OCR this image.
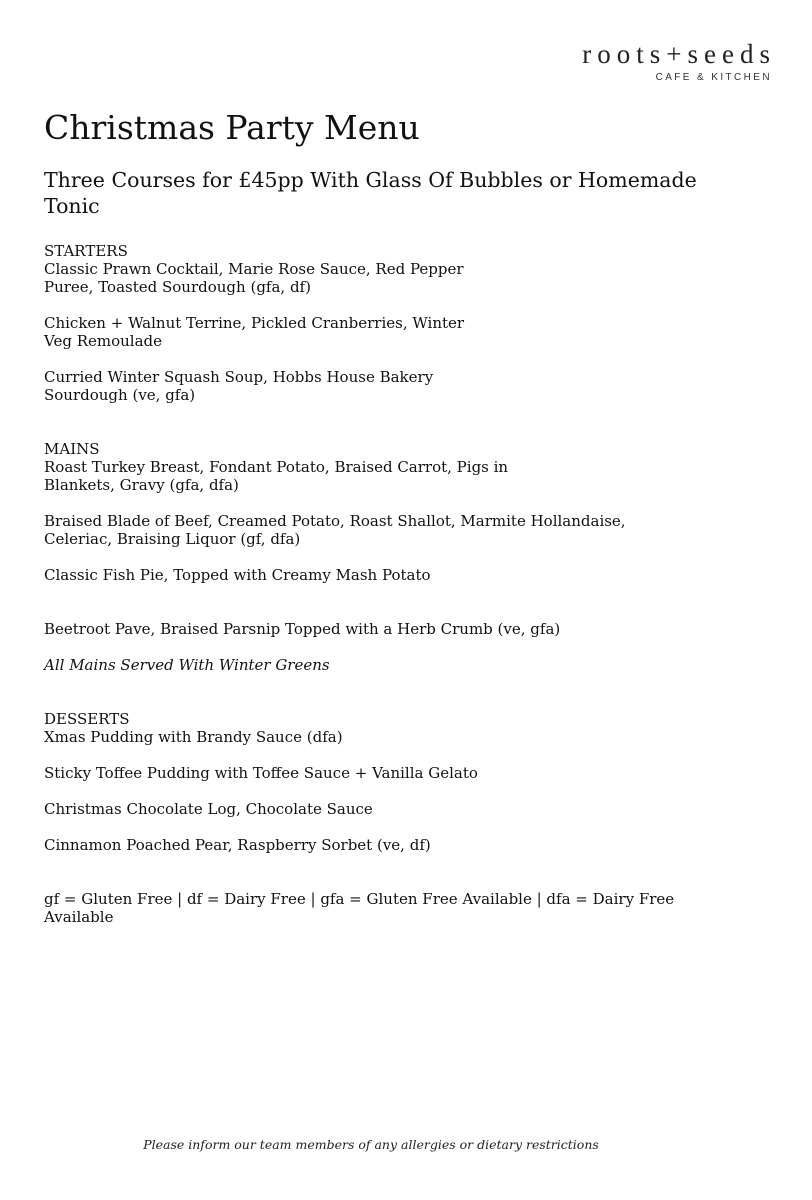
roots+seeds
CAFE & KITCHEN
Christmas Party Menu
Three Courses for £45pp With Glass Of Bubbles or Homemade Tonic
STARTERS
Classic Prawn Cocktail, Marie Rose Sauce, Red Pepper Puree, Toasted Sourdough (gfa, df)
Chicken + Walnut Terrine, Pickled Cranberries, Winter Veg Remoulade
Curried Winter Squash Soup, Hobbs House Bakery Sourdough (ve, gfa)
MAINS
Roast Turkey Breast, Fondant Potato, Braised Carrot, Pigs in Blankets, Gravy (gfa, dfa)
Braised Blade of Beef, Creamed Potato, Roast Shallot, Marmite Hollandaise, Celeriac, Braising Liquor (gf, dfa)
Classic Fish Pie, Topped with Creamy Mash Potato
Beetroot Pave, Braised Parsnip Topped with a Herb Crumb (ve, gfa)
All Mains Served With Winter Greens
DESSERTS
Xmas Pudding with Brandy Sauce (dfa)
Sticky Toffee Pudding with Toffee Sauce + Vanilla Gelato
Christmas Chocolate Log, Chocolate Sauce
Cinnamon Poached Pear, Raspberry Sorbet (ve, df)
gf = Gluten Free | df = Dairy Free | gfa = Gluten Free Available | dfa = Dairy Free Available
Please inform our team members of any allergies or dietary restrictions
